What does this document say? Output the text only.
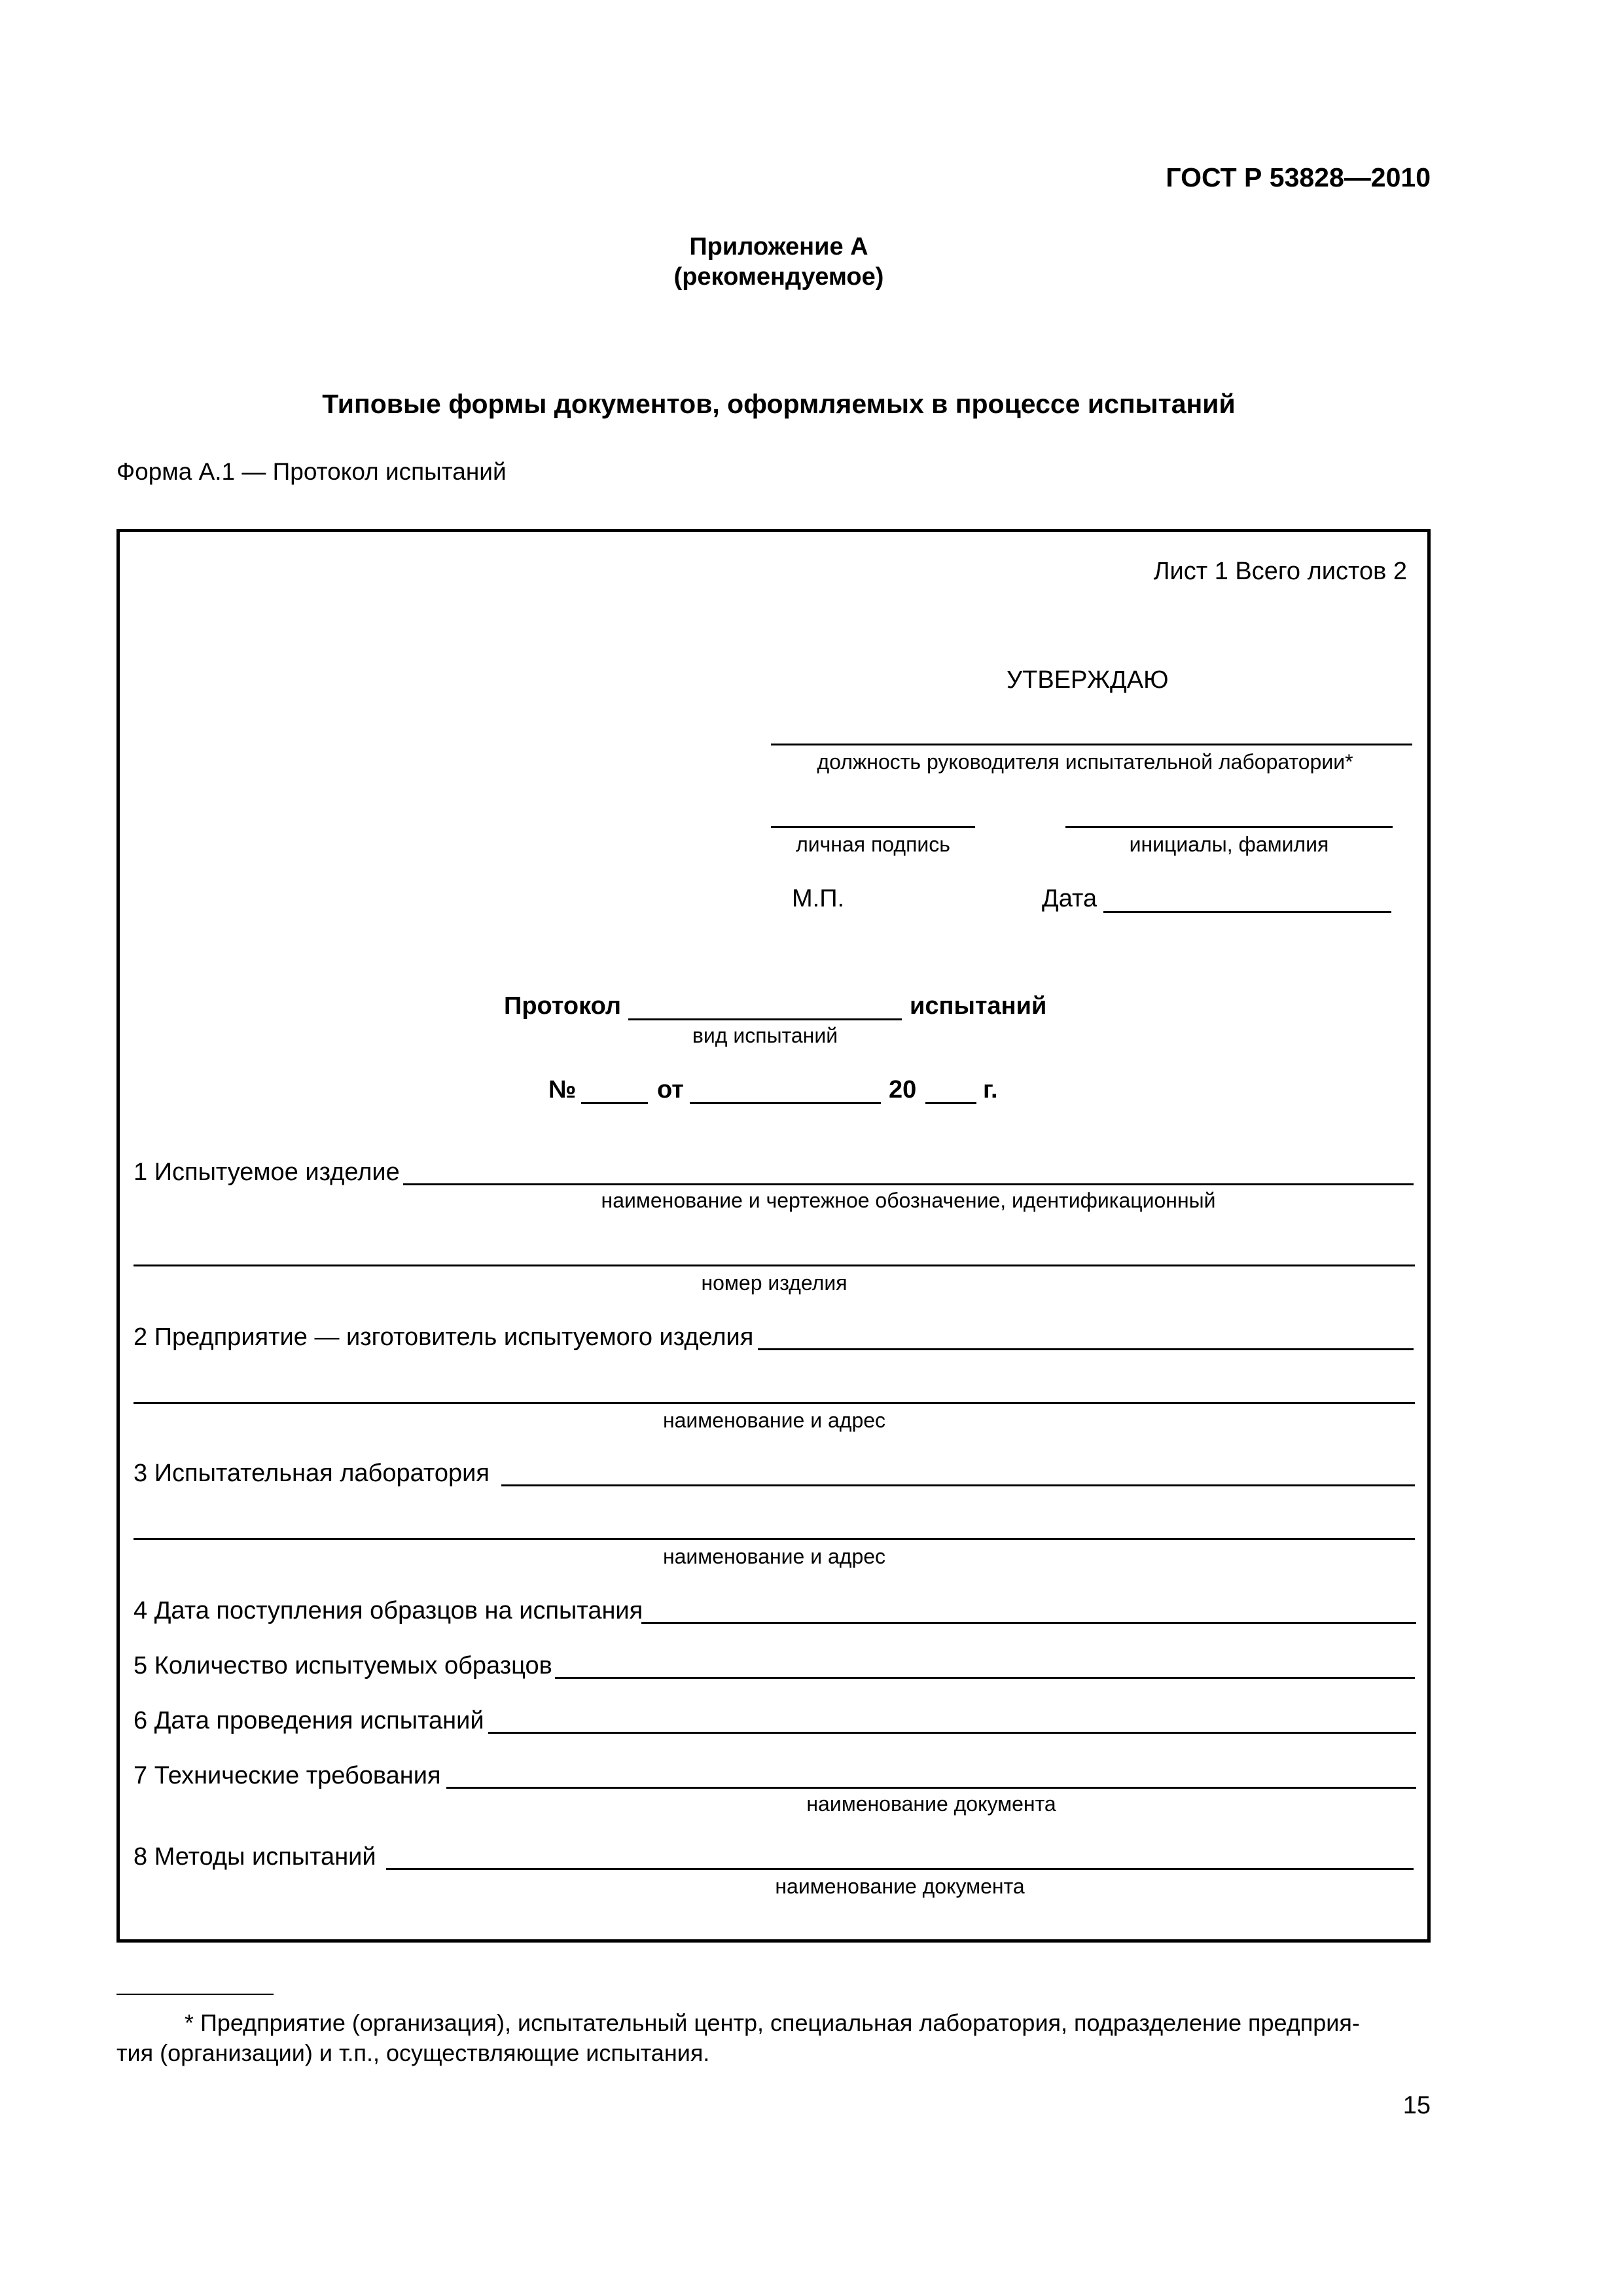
ГОСТ Р 53828—2010
Приложение А
(рекомендуемое)
Типовые формы документов, оформляемых в процессе испытаний
Форма А.1 — Протокол испытаний
Лист 1 Всего листов 2
УТВЕРЖДАЮ
должность руководителя испытательной лаборатории*
личная подпись	инициалы, фамилия
М.П.	Дата
Протокол	испытаний
вид испытаний
№	от	20	г.
1 Испытуемое изделие
наименование и чертежное обозначение, идентификационный
номер изделия
2 Предприятие — изготовитель испытуемого изделия
наименование и адрес
3 Испытательная лаборатория
наименование и адрес
4 Дата поступления образцов на испытания
5 Количество испытуемых образцов
6 Дата проведения испытаний
7 Технические требования
наименование документа
8 Методы испытаний
наименование документа
* Предприятие (организация), испытательный центр, специальная лаборатория, подразделение предприя-
тия (организации) и т.п., осуществляющие испытания.
15
